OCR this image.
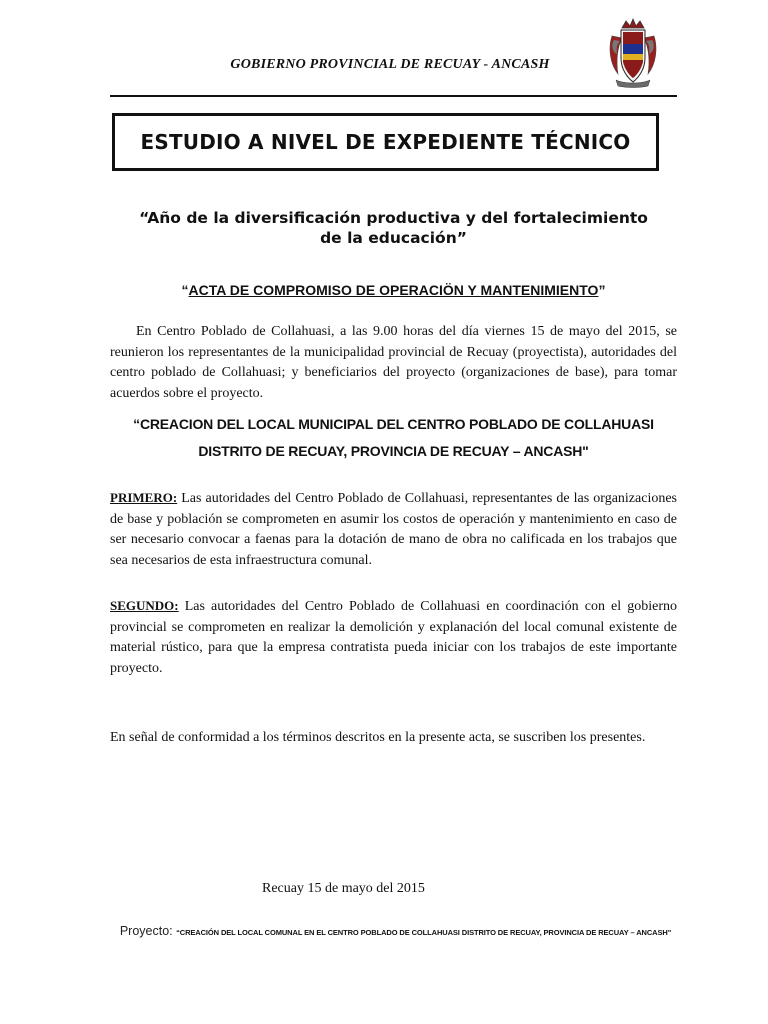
GOBIERNO PROVINCIAL DE RECUAY - ANCASH
ESTUDIO A NIVEL DE EXPEDIENTE TÉCNICO
“Año de la diversificación productiva y del fortalecimiento
de la educación”
“ACTA DE COMPROMISO DE OPERACIÖN Y MANTENIMIENTO”
En Centro Poblado de Collahuasi, a las 9.00 horas del día viernes 15 de mayo del 2015, se reunieron los representantes de la municipalidad provincial de Recuay (proyectista), autoridades del centro poblado de Collahuasi; y beneficiarios del proyecto (organizaciones de base), para tomar acuerdos sobre el proyecto.
“CREACION DEL LOCAL MUNICIPAL DEL CENTRO POBLADO DE COLLAHUASI
DISTRITO DE RECUAY, PROVINCIA DE RECUAY – ANCASH"
PRIMERO: Las autoridades del Centro Poblado de Collahuasi, representantes de las organizaciones de base y población se comprometen en asumir los costos de operación y mantenimiento en caso de ser necesario convocar a faenas para la dotación de mano de obra no calificada en los trabajos que sea necesarios de esta infraestructura comunal.
SEGUNDO: Las autoridades del Centro Poblado de Collahuasi en coordinación con el gobierno provincial se comprometen en realizar la demolición y explanación del local comunal existente de material rústico, para que la empresa contratista pueda iniciar con los trabajos de este importante proyecto.
En señal de conformidad a los términos descritos en la presente acta, se suscriben los presentes.
Recuay 15 de mayo del 2015
Proyecto: “CREACIÓN DEL LOCAL COMUNAL EN EL CENTRO POBLADO DE COLLAHUASI DISTRITO DE RECUAY, PROVINCIA DE RECUAY – ANCASH"
